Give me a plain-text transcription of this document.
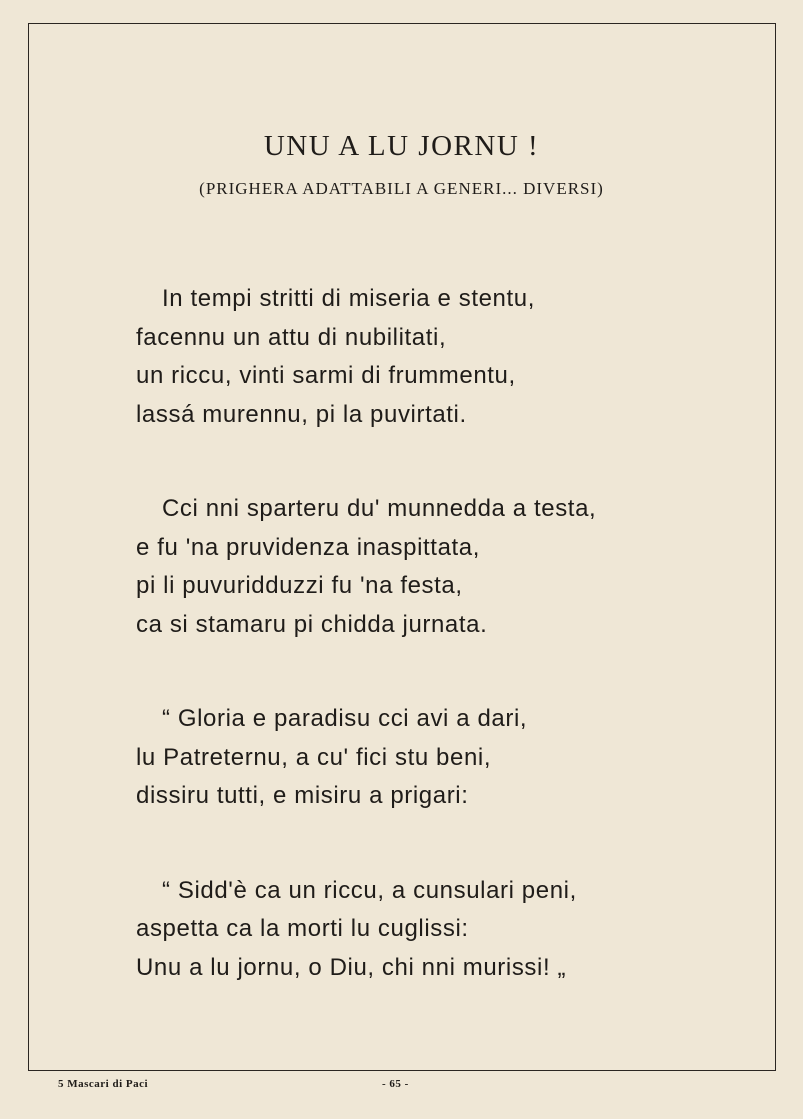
UNU A LU JORNU !
(PRIGHERA ADATTABILI A GENERI... DIVERSI)
In tempi stritti di miseria e stentu,
facennu un attu di nubilitati,
un riccu, vinti sarmi di frummentu,
lassá murennu, pi la puvirtati.
Cci nni sparteru du' munnedda a testa,
e fu 'na pruvidenza inaspittata,
pi li puvuridduzzi fu 'na festa,
ca si stamaru pi chidda jurnata.
“ Gloria e paradisu cci avi a dari,
lu Patreternu, a cu' fici stu beni,
dissiru tutti, e misiru a prigari:
“ Sidd'è ca un riccu, a cunsulari peni,
aspetta ca la morti lu cuglissi:
Unu a lu jornu, o Diu, chi nni murissi! „
5 Mascari di Paci	- 65 -
